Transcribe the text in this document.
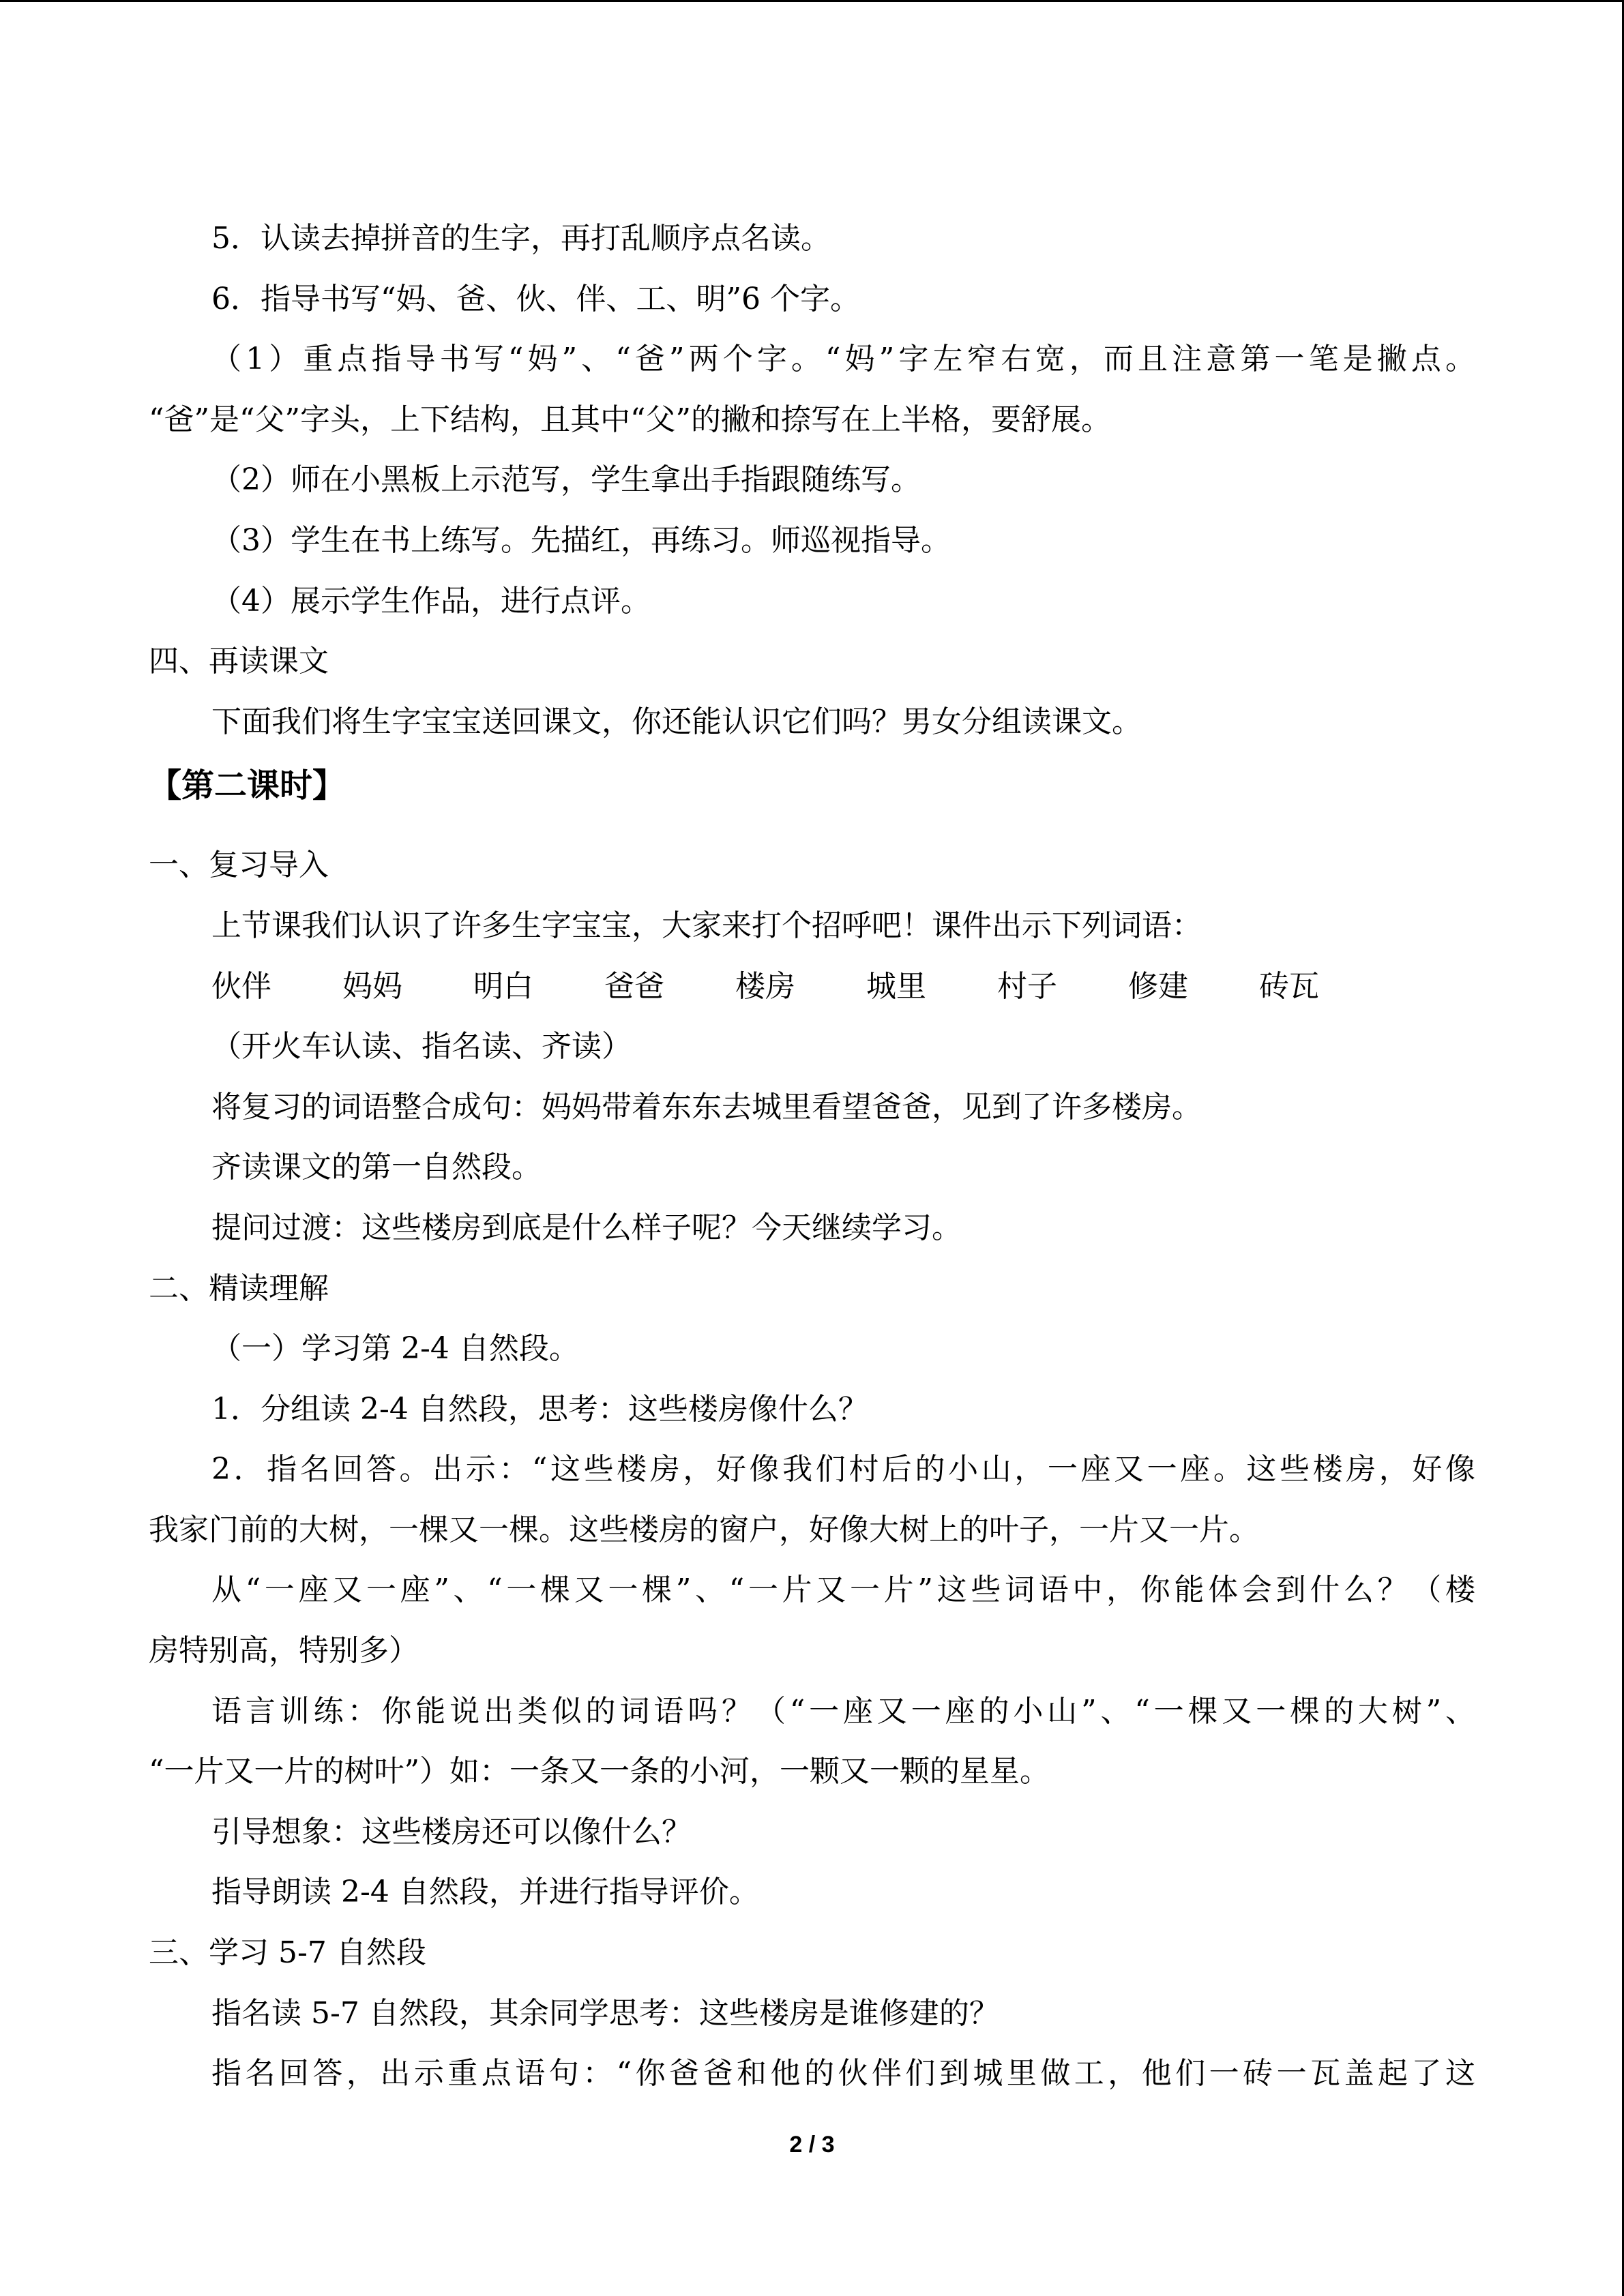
5．认读去掉拼音的生字，再打乱顺序点名读。
6．指导书写“妈、爸、伙、伴、工、明”6 个字。
（1）重点指导书写“妈”、“爸”两个字。“妈”字左窄右宽，而且注意第一笔是撇点。
“爸”是“父”字头，上下结构，且其中“父”的撇和捺写在上半格，要舒展。
（2）师在小黑板上示范写，学生拿出手指跟随练写。
（3）学生在书上练写。先描红，再练习。师巡视指导。
（4）展示学生作品，进行点评。
四、再读课文
下面我们将生字宝宝送回课文，你还能认识它们吗？男女分组读课文。
【第二课时】
一、复习导入
上节课我们认识了许多生字宝宝，大家来打个招呼吧！课件出示下列词语：
伙伴	妈妈	明白	爸爸	楼房	城里	村子	修建	砖瓦
（开火车认读、指名读、齐读）
将复习的词语整合成句：妈妈带着东东去城里看望爸爸，见到了许多楼房。
齐读课文的第一自然段。
提问过渡：这些楼房到底是什么样子呢？今天继续学习。
二、精读理解
（一）学习第 2-4 自然段。
1．分组读 2-4 自然段，思考：这些楼房像什么？
2．指名回答。出示：“这些楼房，好像我们村后的小山，一座又一座。这些楼房，好像
我家门前的大树，一棵又一棵。这些楼房的窗户，好像大树上的叶子，一片又一片。
从“一座又一座”、“一棵又一棵”、“一片又一片”这些词语中，你能体会到什么？（楼
房特别高，特别多）
语言训练：你能说出类似的词语吗？（“一座又一座的小山”、“一棵又一棵的大树”、
“一片又一片的树叶”）如：一条又一条的小河，一颗又一颗的星星。
引导想象：这些楼房还可以像什么？
指导朗读 2-4 自然段，并进行指导评价。
三、学习 5-7 自然段
指名读 5-7 自然段，其余同学思考：这些楼房是谁修建的？
指名回答，出示重点语句：“你爸爸和他的伙伴们到城里做工，他们一砖一瓦盖起了这
2 / 3
